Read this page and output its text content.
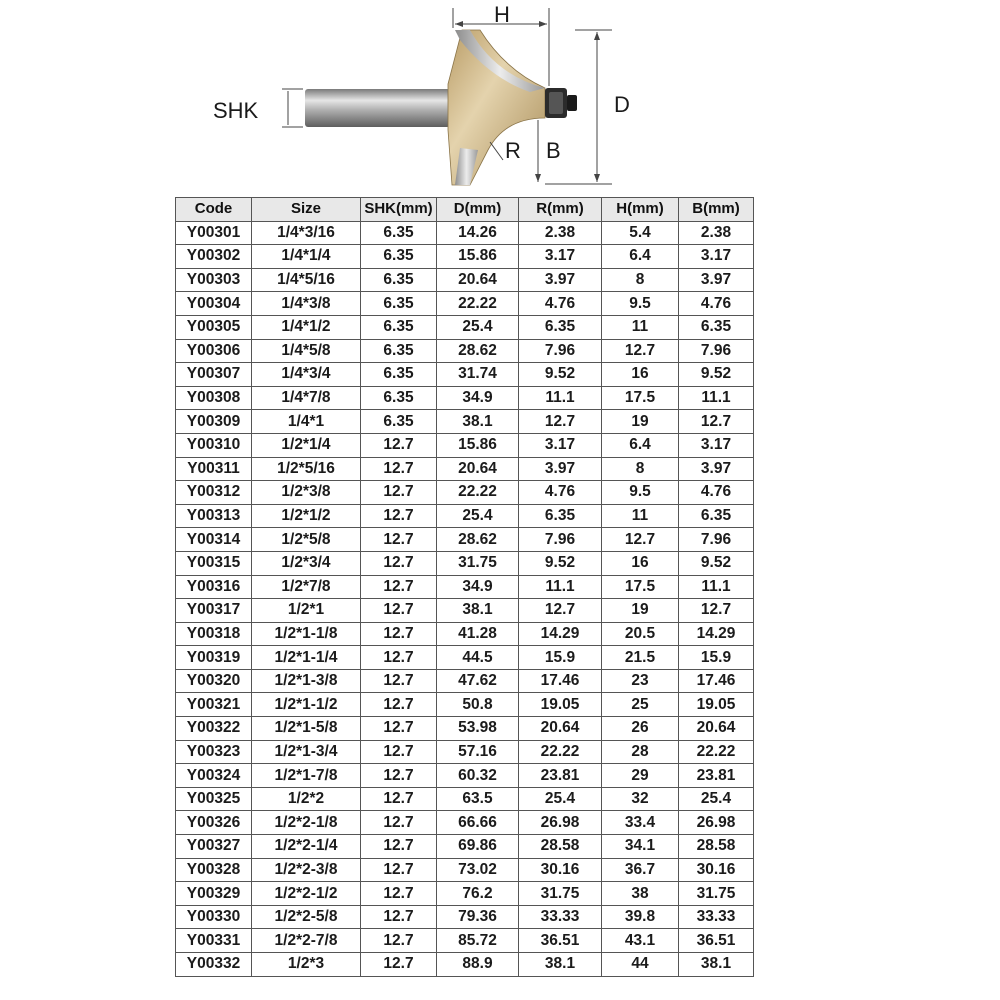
H
SHK	D
R B
Code	Size	SHK(mm)	D(mm)	R(mm)	H(mm)	B(mm)
Y00301	1/4*3/16	6.35	14.26	2.38	5.4	2.38
Y00302	1/4*1/4	6.35	15.86	3.17	6.4	3.17
Y00303	1/4*5/16	6.35	20.64	3.97	8	3.97
Y00304	1/4*3/8	6.35	22.22	4.76	9.5	4.76
Y00305	1/4*1/2	6.35	25.4	6.35	11	6.35
Y00306	1/4*5/8	6.35	28.62	7.96	12.7	7.96
Y00307	1/4*3/4	6.35	31.74	9.52	16	9.52
Y00308	1/4*7/8	6.35	34.9	11.1	17.5	11.1
Y00309	1/4*1	6.35	38.1	12.7	19	12.7
Y00310	1/2*1/4	12.7	15.86	3.17	6.4	3.17
Y00311	1/2*5/16	12.7	20.64	3.97	8	3.97
Y00312	1/2*3/8	12.7	22.22	4.76	9.5	4.76
Y00313	1/2*1/2	12.7	25.4	6.35	11	6.35
Y00314	1/2*5/8	12.7	28.62	7.96	12.7	7.96
Y00315	1/2*3/4	12.7	31.75	9.52	16	9.52
Y00316	1/2*7/8	12.7	34.9	11.1	17.5	11.1
Y00317	1/2*1	12.7	38.1	12.7	19	12.7
Y00318	1/2*1-1/8	12.7	41.28	14.29	20.5	14.29
Y00319	1/2*1-1/4	12.7	44.5	15.9	21.5	15.9
Y00320	1/2*1-3/8	12.7	47.62	17.46	23	17.46
Y00321	1/2*1-1/2	12.7	50.8	19.05	25	19.05
Y00322	1/2*1-5/8	12.7	53.98	20.64	26	20.64
Y00323	1/2*1-3/4	12.7	57.16	22.22	28	22.22
Y00324	1/2*1-7/8	12.7	60.32	23.81	29	23.81
Y00325	1/2*2	12.7	63.5	25.4	32	25.4
Y00326	1/2*2-1/8	12.7	66.66	26.98	33.4	26.98
Y00327	1/2*2-1/4	12.7	69.86	28.58	34.1	28.58
Y00328	1/2*2-3/8	12.7	73.02	30.16	36.7	30.16
Y00329	1/2*2-1/2	12.7	76.2	31.75	38	31.75
Y00330	1/2*2-5/8	12.7	79.36	33.33	39.8	33.33
Y00331	1/2*2-7/8	12.7	85.72	36.51	43.1	36.51
Y00332	1/2*3	12.7	88.9	38.1	44	38.1
